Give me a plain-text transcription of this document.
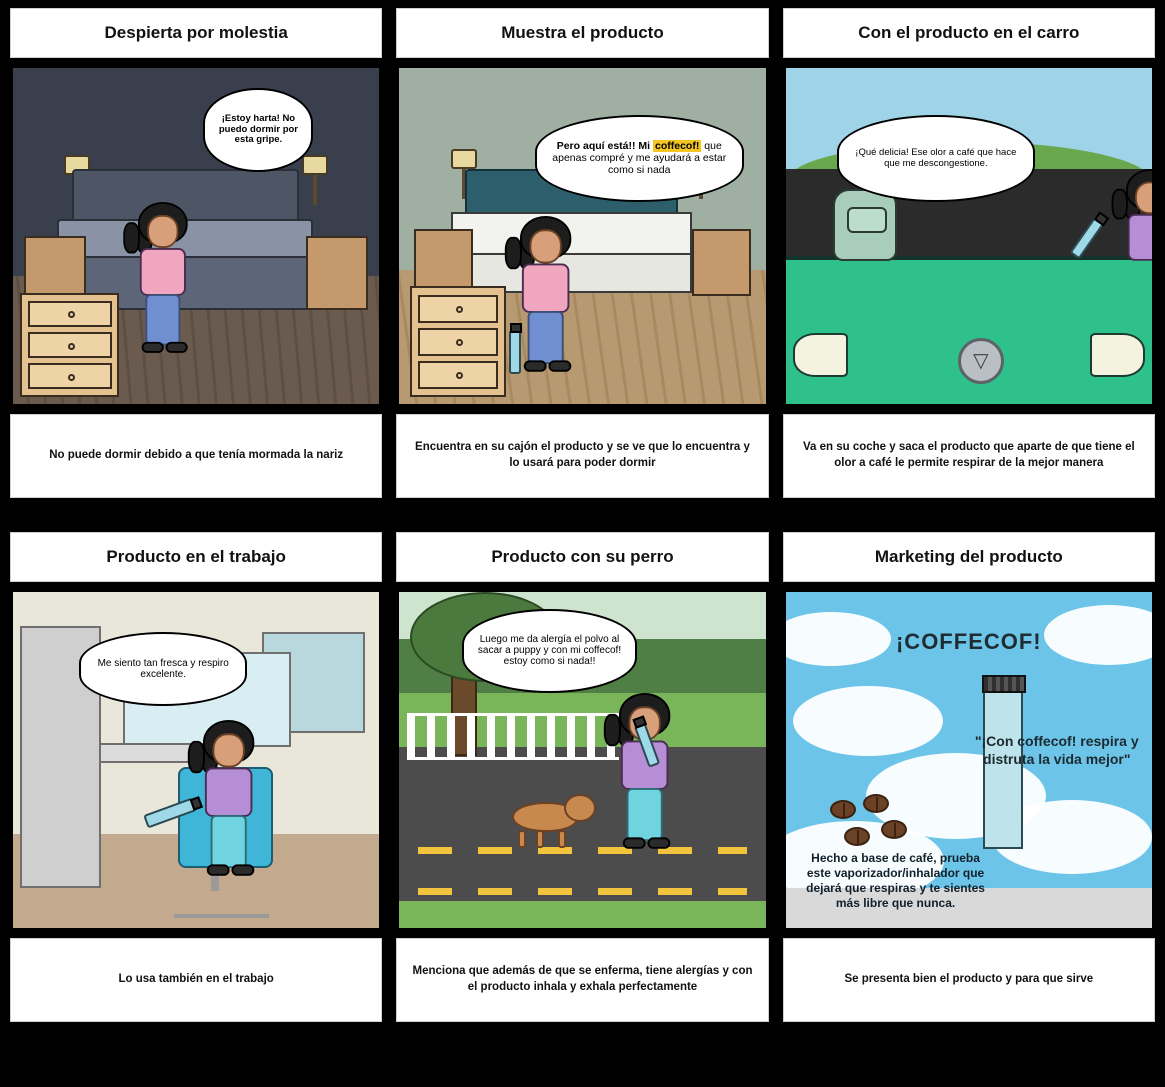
Despierta por molestia
¡Estoy harta! No puedo dormir por esta gripe.
No puede dormir debido a que tenía mormada la nariz
Muestra el producto
Pero aquí está!! Mi coffecof! que apenas compré y me ayudará a estar como si nada
Encuentra en su cajón el producto y se ve que lo encuentra y lo usará para poder dormir
Con el producto en el carro
▽
¡Qué delicia! Ese olor a café que hace que me descongestione.
Va en su coche y saca el producto que aparte de que tiene el olor a café le permite respirar de la mejor manera
Producto en el trabajo
Me siento tan fresca y respiro excelente.
Lo usa también en el trabajo
Producto con su perro
Luego me da alergía el polvo al sacar a puppy y con mi coffecof! estoy como si nada!!
Menciona que además de que se enferma, tiene alergías y con el producto inhala y exhala perfectamente
Marketing del producto
¡COFFECOF!
"¡Con coffecof! respira y distruta la vida mejor"
Hecho a base de café, prueba este vaporizador/inhalador que dejará que respiras y te sientes más libre que nunca.
Se presenta bien el producto y para que sirve
